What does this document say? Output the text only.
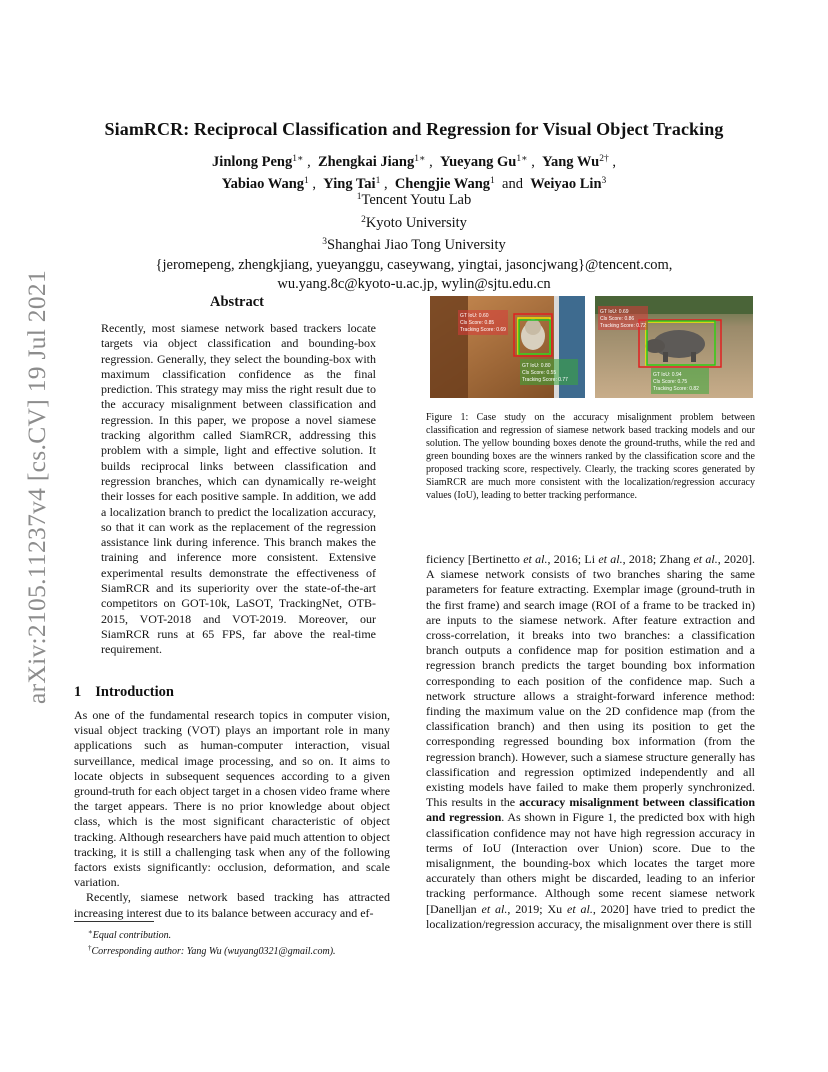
arXiv:2105.11237v4 [cs.CV] 19 Jul 2021
SiamRCR: Reciprocal Classification and Regression for Visual Object Tracking
Jinlong Peng$^{1∗}$ ,  Zhengkai Jiang$^{1∗}$ ,  Yueyang $Gu^{1∗}$ ,  Yang $Wu^{2\dagger}$ ,
Yabiao Wang$^1$ ,  Ying Tai$^1$ ,  Chengjie Wang$^1$ and Weiyao Lin$^3$
$^1$Tencent Youtu Lab
$^2$Kyoto University
$^3$Shanghai Jiao Tong University
{jeromepeng, zhengkjiang, yueyanggu, caseywang, yingtai, jasoncjwang}@tencent.com,
wu.yang.8c@kyoto-u.ac.jp, wylin@sjtu.edu.cn
Abstract
Recently, most siamese network based trackers locate targets via object classification and bounding-box regression. Generally, they select the bounding-box with maximum classification confidence as the final prediction. This strategy may miss the right result due to the accuracy misalignment between classification and regression. In this paper, we propose a novel siamese tracking algorithm called SiamRCR, addressing this problem with a simple, light and effective solution. It builds reciprocal links between classification and regression branches, which can dynamically re-weight their losses for each positive sample. In addition, we add a localization branch to predict the localization accuracy, so that it can work as the replacement of the regression assistance link during inference. This branch makes the training and inference more consistent. Extensive experimental results demonstrate the effectiveness of SiamRCR and its superiority over the state-of-the-art competitors on GOT-10k, LaSOT, TrackingNet, OTB-2015, VOT-2018 and VOT-2019. Moreover, our SiamRCR runs at 65 FPS, far above the real-time requirement.
1 Introduction

As one of the fundamental research topics in computer vision, visual object tracking (VOT) plays an important role in many applications such as human-computer interaction, visual surveillance, medical image processing, and so on. It aims to locate objects in subsequent sequences according to a given ground-truth for each object target in a chosen video frame where the target appears. There is no prior knowledge about object class, which is the most significant characteristic of object tracking. Although researchers have paid much attention to object tracking, it is still a challenging task when any of the following factors exists significantly: occlusion, deformation, and scale variation.

Recently, siamese network based tracking has attracted increasing interest due to its balance between accuracy and ef-

∗Equal contribution.
†Corresponding author: Yang Wu (wuyang0321@gmail.com).
GT IoU: 0.60
Cls Score: 0.85
Tracking Score: 0.69
GT IoU: 0.80
Cls Score: 0.55
Tracking Score: 0.77
GT IoU: 0.69
Cls Score: 0.86
Tracking Score: 0.72
GT IoU: 0.94
Cls Score: 0.75
Tracking Score: 0.82
Figure 1: Case study on the accuracy misalignment problem between classification and regression of siamese network based tracking models and our solution. The yellow bounding boxes denote the ground-truths, while the red and green bounding boxes are the winners ranked by the classification score and the proposed tracking score, respectively. Clearly, the tracking scores generated by SiamRCR are much more consistent with the localization/regression accuracy values (IoU), leading to better tracking performance.

ficiency [Bertinetto et al., 2016; Li et al., 2018; Zhang et al., 2020]. A siamese network consists of two branches sharing the same parameters for feature extracting. Exemplar image (ground-truth in the first frame) and search image (ROI of a frame to be tracked in) are inputs to the siamese network. After feature extraction and cross-correlation, it breaks into two branches: a classification branch outputs a confidence map for position estimation and a regression branch predicts the target bounding box information corresponding to each position of the confidence map. Such a network structure allows a straight-forward inference method: finding the maximum value on the 2D confidence map (from the classification branch) and then using its position to get the corresponding regressed bounding box information (from the regression branch). However, such a siamese structure generally has classification and regression optimized independently and all existing models have failed to make them properly synchronized. This results in the accuracy misalignment between classification and regression. As shown in Figure 1, the predicted box with high classification confidence may not have high regression accuracy in terms of IoU (Interaction over Union) score. Due to the misalignment, the bounding-box which locates the target more accurately than others might be discarded, leading to an inferior tracking performance. Although some recent siamese network [Danelljan et al., 2019; Xu et al., 2020] have tried to predict the localization/regression accuracy, the misalignment over there is still
